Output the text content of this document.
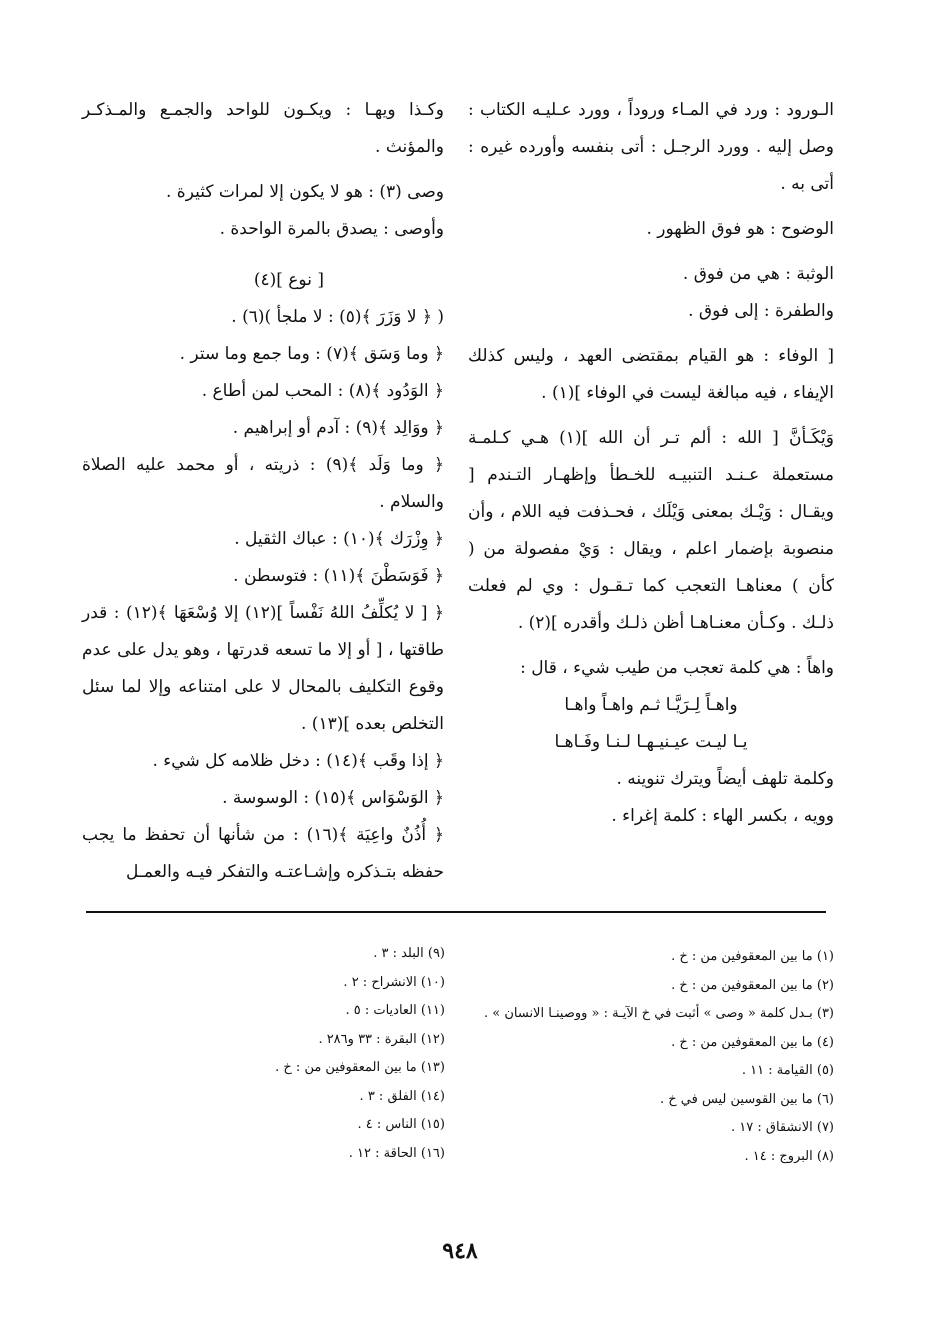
الـورود : ورد في المـاء وروداً ، وورد عـليـه الكتاب : وصل إليه . وورد الرجـل : أتى بنفسه وأورده غيره : أتى به .

الوضوح : هو فوق الظهور .

الوثبة : هي من فوق .

والطفرة : إلى فوق .

[ الوفاء : هو القيام بمقتضى العهد ، وليس كذلك الإيفاء ، فيه مبالغة ليست في الوفاء ](١) .

وَيْكَـأنَّ [ الله : ألم تـر أن الله ](١) هـي كـلمـة مستعملة عـنـد التنبيـه للخـطأ وإظهـار التـندم [ ويقـال : وَيْـك بمعنى وَيْلَك ، فحـذفت فيه اللام ، وأن منصوبة بإضمار اعلم ، ويقال : وَيْ مفصولة من ( كأن ) معناهـا التعجب كما تـقـول : وي لم فعلت ذلـك . وكـأن معنـاهـا أظن ذلـك وأقدره ](٢) .

واهاً : هي كلمة تعجب من طيب شيء ، قال :

واهـاً لِـرَيَّـا ثـم واهـاً واهـا

يـا ليـت عيـنيـهـا لـنـا وفَـاهـا

وكلمة تلهف أيضاً ويترك تنوينه .

وويه ، بكسر الهاء : كلمة إغراء .

وكـذا ويهـا : ويكـون للواحد والجمـع والمـذكـر والمؤنث .

وصى (٣) : هو لا يكون إلا لمرات كثيرة .

وأوصى : يصدق بالمرة الواحدة .

[ نوع ](٤)

( ﴿ لا وَزَرَ ﴾(٥) : لا ملجأ )(٦) .

﴿ وما وَسَق ﴾(٧) : وما جمع وما ستر .

﴿ الوَدُود ﴾(٨) : المحب لمن أطاع .

﴿ ووَالِد ﴾(٩) : آدم أو إبراهيم .

﴿ وما وَلَد ﴾(٩) : ذريته ، أو محمد عليه الصلاة والسلام .

﴿ وِزْرَك ﴾(١٠) : عباك الثقيل .

﴿ فَوَسَطْنَ ﴾(١١) : فتوسطن .

﴿ [ لا يُكلِّفُ اللهُ نَفْساً ](١٢) إلا وُسْعَهَا ﴾(١٢) : قدر طاقتها ، [ أو إلا ما تسعه قدرتها ، وهو يدل على عدم وقوع التكليف بالمحال لا على امتناعه وإلا لما سئل التخلص بعده ](١٣) .

﴿ إذا وقَب ﴾(١٤) : دخل ظلامه كل شيء .

﴿ الوَسْوَاس ﴾(١٥) : الوسوسة .

﴿ أُذُنٌ واعِيَة ﴾(١٦) : من شأنها أن تحفظ ما يجب حفظه بتـذكره وإشـاعتـه والتفكر فيـه والعمـل

(١) ما بين المعقوفين من : خ .

(٢) ما بين المعقوفين من : خ .

(٣) بـدل كلمة « وصى » أثبت في خ الآيـة : « ووصينـا الانسان » .

(٤) ما بين المعقوفين من : خ .

(٥) القيامة : ١١ .

(٦) ما بين القوسين ليس في خ .

(٧) الانشقاق : ١٧ .

(٨) البروج : ١٤ .

(٩) البلد : ٣ .

(١٠) الانشراح : ٢ .

(١١) العاديات : ٥ .

(١٢) البقرة : ٣٣ و٢٨٦ .

(١٣) ما بين المعقوفين من : خ .

(١٤) الفلق : ٣ .

(١٥) الناس : ٤ .

(١٦) الحاقة : ١٢ .

٩٤٨
